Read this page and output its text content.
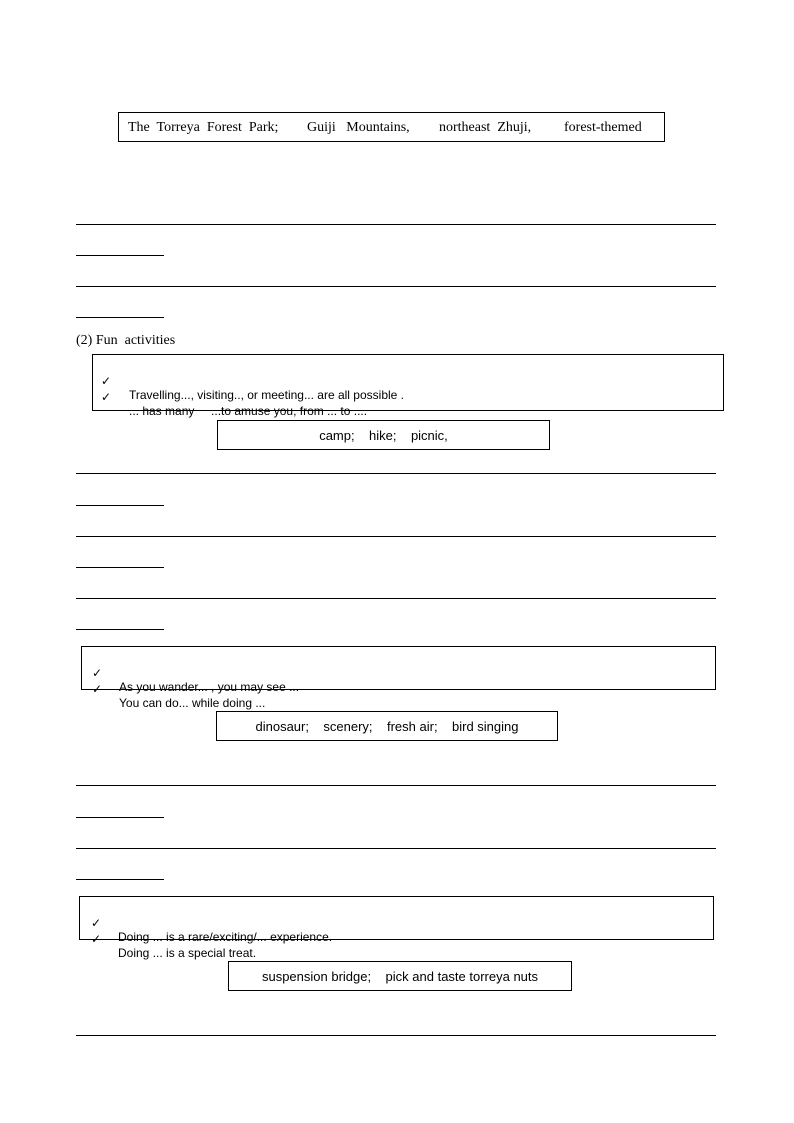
The  Torreya  Forest  Park; Guiji   Mountains, northeast  Zhuji, forest-themed
(2) Fun  activities

✓

Travelling..., visiting.., or meeting... are all possible .

✓

... has many     ...to amuse you, from ... to ....

camp;    hike;    picnic,

✓

As you wander... , you may see ...

✓

You can do... while doing ...

dinosaur;    scenery;    fresh air;    bird singing

✓

Doing ... is a rare/exciting/... experience.

✓

Doing ... is a special treat.

suspension bridge;    pick and taste torreya nuts
